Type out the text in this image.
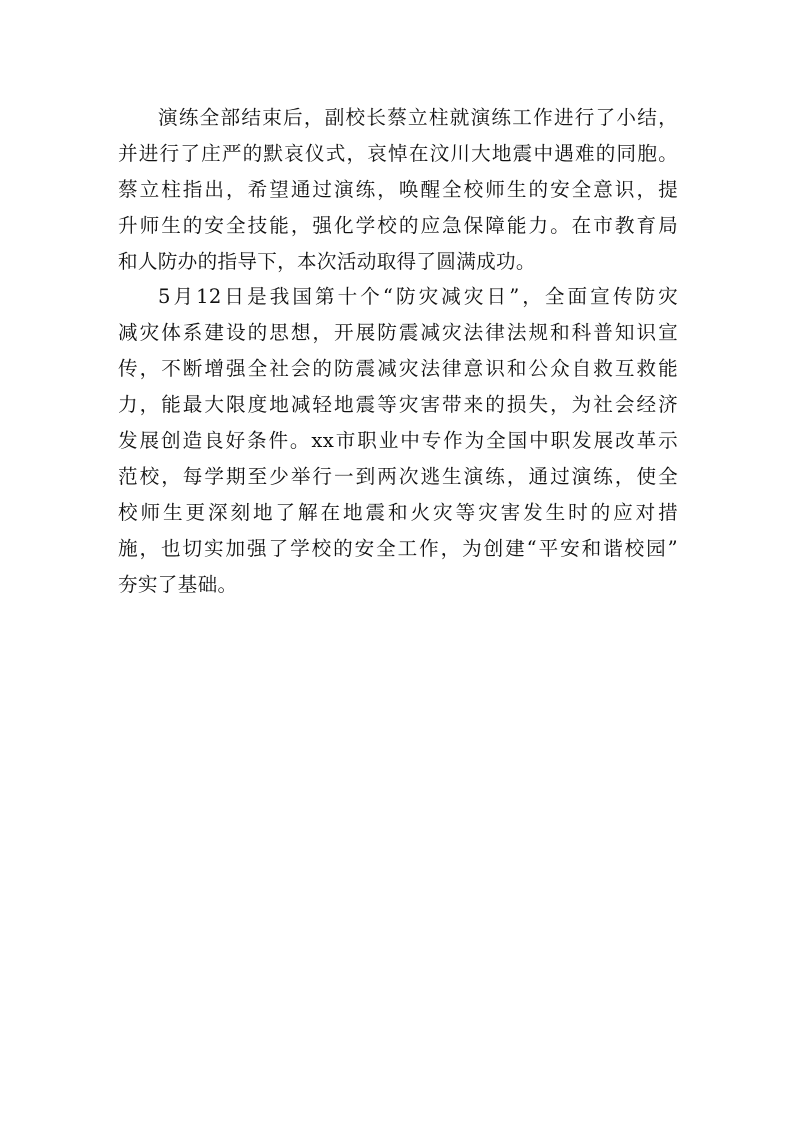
演练全部结束后，副校长蔡立柱就演练工作进行了小结，
并进行了庄严的默哀仪式，哀悼在汶川大地震中遇难的同胞。
蔡立柱指出，希望通过演练，唤醒全校师生的安全意识，提
升师生的安全技能，强化学校的应急保障能力。在市教育局
和人防办的指导下，本次活动取得了圆满成功。
5月12日是我国第十个“防灾减灾日”，全面宣传防灾
减灾体系建设的思想，开展防震减灾法律法规和科普知识宣
传，不断增强全社会的防震减灾法律意识和公众自救互救能
力，能最大限度地减轻地震等灾害带来的损失，为社会经济
发展创造良好条件。xx市职业中专作为全国中职发展改革示
范校，每学期至少举行一到两次逃生演练，通过演练，使全
校师生更深刻地了解在地震和火灾等灾害发生时的应对措
施，也切实加强了学校的安全工作，为创建“平安和谐校园”
夯实了基础。
